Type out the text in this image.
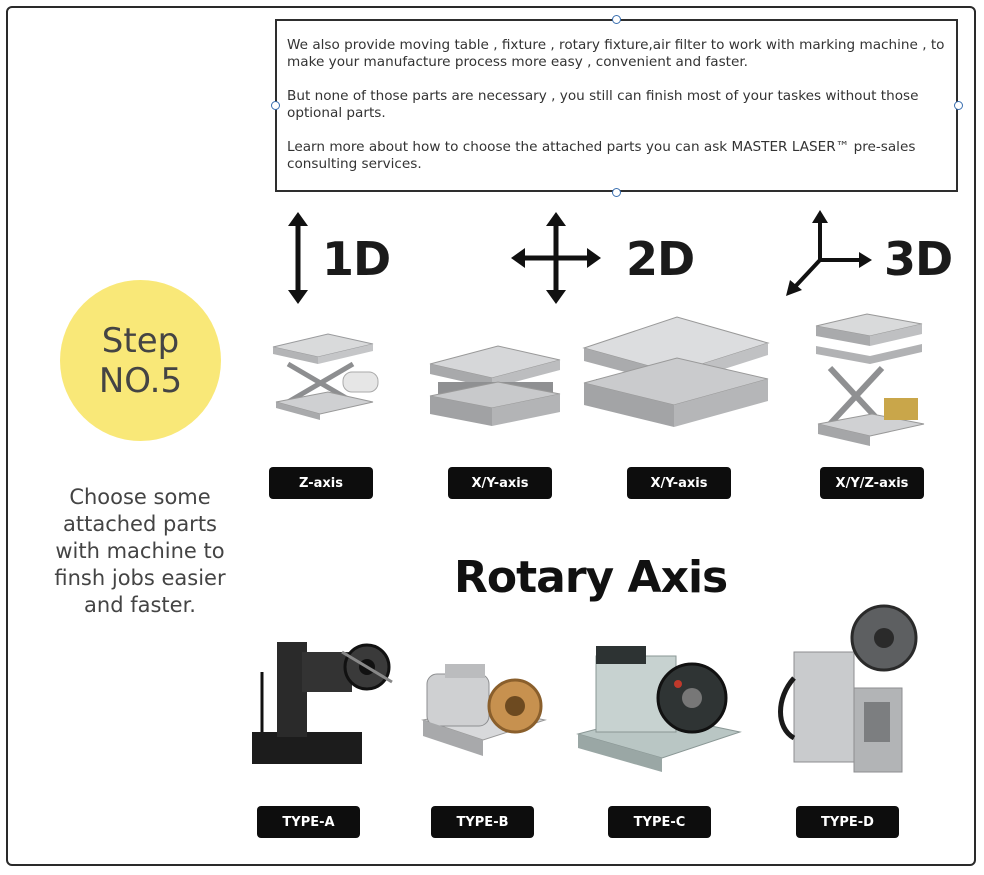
We also provide moving table , fixture , rotary fixture,air filter to work with marking machine , to make your manufacture process more easy , convenient and faster.

But none of those parts are necessary , you still can finish most of your taskes without those optional parts.

Learn more about how to choose the attached parts you can ask MASTER LASER™ pre-sales consulting services.

Step
NO.5
Choose some attached parts with machine to finsh jobs easier and faster.
1D	2D	3D
Z-axis	X/Y-axis	X/Y-axis	X/Y/Z-axis
Rotary Axis
TYPE-A	TYPE-B	TYPE-C	TYPE-D
